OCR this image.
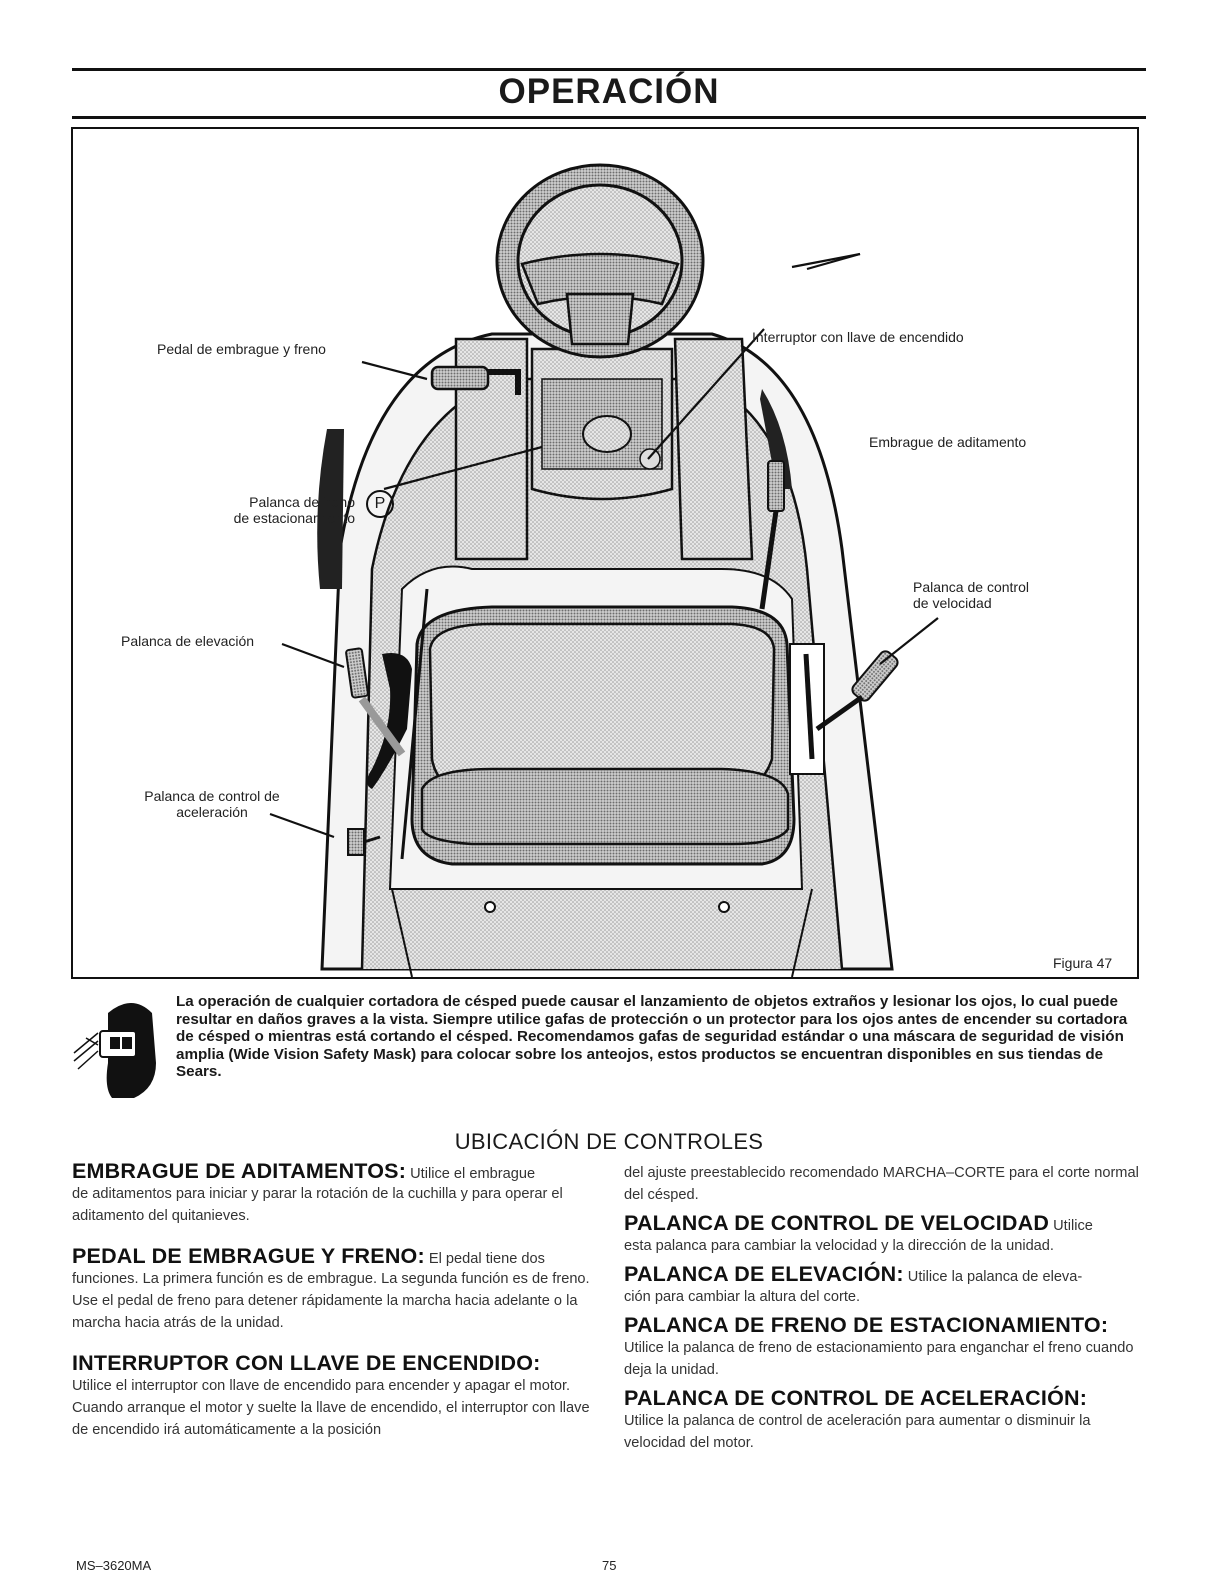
OPERACIÓN
Pedal de embrague y freno
Interruptor con llave de encendido
Embrague de aditamento
Palanca de freno
de estacionamiento
P
Palanca de control
de velocidad
Palanca de elevación
Palanca de control de
aceleración
Figura 47

La operación de cualquier cortadora de césped puede causar el lanzamiento de objetos extraños y lesionar los ojos, lo cual puede resultar en daños graves a la vista. Siempre utilice gafas de protección o un protector para los ojos antes de encender su cortadora de césped o mientras está cortando el césped. Recomendamos gafas de seguridad estándar o una máscara de seguridad de visión amplia (Wide Vision Safety Mask) para colocar sobre los anteojos, estos productos se encuentran disponibles en sus tiendas de Sears.

UBICACIÓN DE CONTROLES

EMBRAGUE DE ADITAMENTOS: Utilice el embrague

de aditamentos para iniciar y parar la rotación de la cuchilla y para operar el aditamento del quitanieves.

PEDAL DE EMBRAGUE Y FRENO: El pedal tiene dos

funciones. La primera función es de embrague. La segunda función es de freno. Use el pedal de freno para detener rápidamente la marcha hacia adelante o la marcha hacia atrás de la unidad.

INTERRUPTOR CON LLAVE DE ENCENDIDO:

Utilice el interruptor con llave de encendido para encender y apagar el motor. Cuando arranque el motor y suelte la llave de encendido, el interruptor con llave de encendido irá automáticamente a la posición

del ajuste preestablecido recomendado MARCHA–CORTE para el corte normal del césped.

PALANCA DE CONTROL DE VELOCIDAD Utilice

esta palanca para cambiar la velocidad y la dirección de la unidad.

PALANCA DE ELEVACIÓN: Utilice la palanca de eleva-

ción para cambiar la altura del corte.

PALANCA DE FRENO DE ESTACIONAMIENTO:

Utilice la palanca de freno de estacionamiento para enganchar el freno cuando deja la unidad.

PALANCA DE CONTROL DE ACELERACIÓN:

Utilice la palanca de control de aceleración para aumentar o disminuir la velocidad del motor.

MS–3620MA	75
